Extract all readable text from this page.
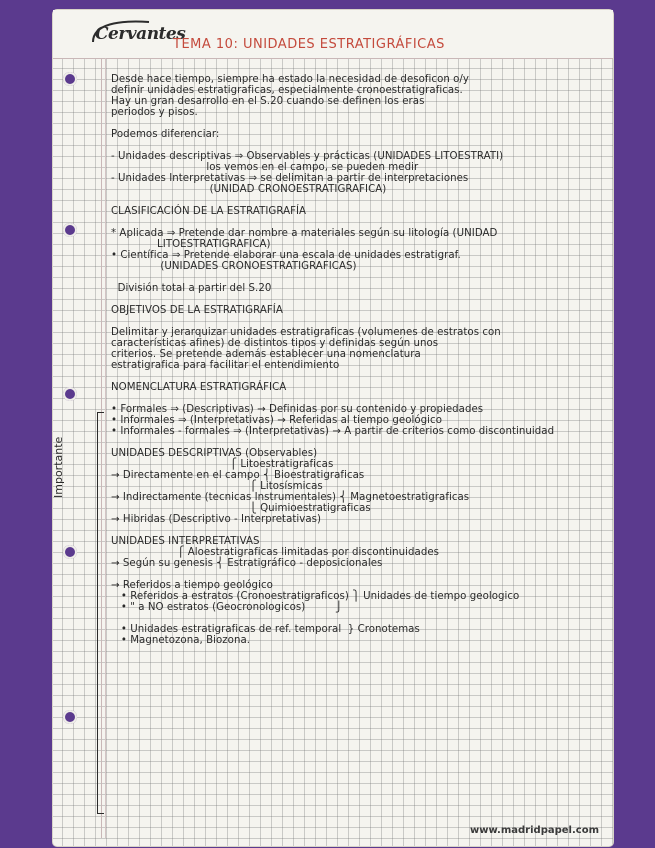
Cervantes
TEMA 10: UNIDADES ESTRATIGRÁFICAS
Importante
Desde hace tiempo, siempre ha estado la necesidad de desoficon o/y
definir unidades estratigraficas, especialmente cronoestratigraficas.
Hay un gran desarrollo en el S.20 cuando se definen los eras
periodos y pisos.
Podemos diferenciar:
- Unidades descriptivas ⇒ Observables y prácticas (UNIDADES LITOESTRATI)
los vemos en el campo, se pueden medir
- Unidades Interpretativas ⇒ se delimitan a partir de interpretaciones
(UNIDAD CRONOESTRATIGRAFICA)
CLASIFICACIÓN DE LA ESTRATIGRAFÍA
* Aplicada ⇒ Pretende dar nombre a materiales según su litología (UNIDAD
LITOESTRATIGRAFICA)
• Científica ⇒ Pretende elaborar una escala de unidades estratigraf.
(UNIDADES CRONOESTRATIGRAFICAS)
División total a partir del S.20
OBJETIVOS DE LA ESTRATIGRAFÍA
Delimitar y jerarquizar unidades estratigraficas (volumenes de estratos con
características afines) de distintos tipos y definidas según unos
criterios. Se pretende además establecer una nomenclatura
estratigrafica para facilitar el entendimiento
NOMENCLATURA ESTRATIGRÁFICA
• Formales ⇒ (Descriptivas) → Definidas por su contenido y propiedades
• Informales ⇒ (Interpretativas) → Referidas al tiempo geológico
• Informales - formales ⇒ (Interpretativas) → A partir de criterios como discontinuidad
UNIDADES DESCRIPTIVAS (Observables)
⎧ Litoestratigraficas
→ Directamente en el campo ⎨ Bioestratigraficas
⎧ Litosísmicas
→ Indirectamente (tecnicas Instrumentales) ⎨ Magnetoestratigraficas
⎩ Quimioestratigraficas
→ Hibridas (Descriptivo - Interpretativas)
UNIDADES INTERPRETATIVAS
⎧ Aloestratigraficas limitadas por discontinuidades
→ Según su genesis ⎨ Estratigráfico - deposicionales
→ Referidos a tiempo geológico
• Referidos a estratos (Cronoestratigraficos) ⎫ Unidades de tiempo geologico
• " a NO estratos (Geocronologicos)         ⎭
• Unidades estratigraficas de ref. temporal  } Cronotemas
• Magnetozona, Biozona.
www.madridpapel.com
